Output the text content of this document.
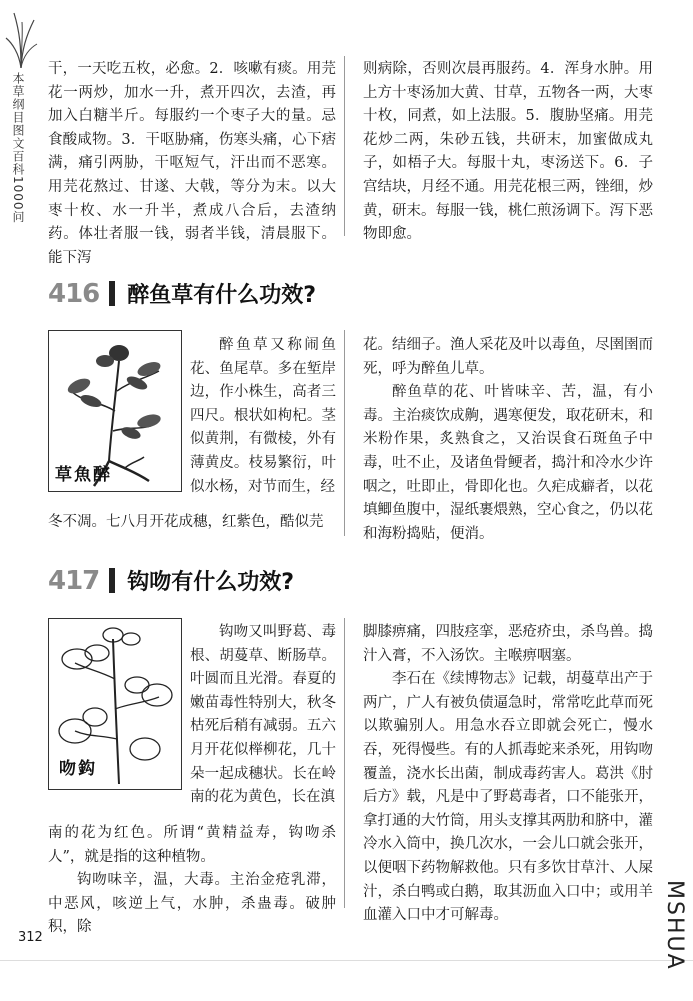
本草纲目图文百科1000问
干，一天吃五枚，必愈。2．咳嗽有痰。用芫花一两炒，加水一升，煮开四次，去渣，再加入白糖半斤。每服约一个枣子大的量。忌食酸咸物。3．干呕胁痛，伤寒头痛，心下痞满，痛引两胁，干呕短气，汗出而不恶寒。用芫花熬过、甘遂、大戟，等分为末。以大枣十枚、水一升半，煮成八合后，去渣纳药。体壮者服一钱，弱者半钱，清晨服下。能下泻
则病除，否则次晨再服药。4．浑身水肿。用上方十枣汤加大黄、甘草，五物各一两，大枣十枚，同煮，如上法服。5．腹胁坚痛。用芫花炒二两，朱砂五钱，共研末，加蜜做成丸子，如梧子大。每服十丸，枣汤送下。6．子宫结块，月经不通。用芫花根三两，锉细，炒黄，研末。每服一钱，桃仁煎汤调下。泻下恶物即愈。
416 醉鱼草有什么功效?
草魚醉
醉鱼草又称闹鱼花、鱼尾草。多在堑岸边，作小株生，高者三四尺。根状如枸杞。茎似黄荆，有微棱，外有薄黄皮。枝易繁衍，叶似水杨，对节而生，经
冬不凋。七八月开花成穗，红紫色，酷似芫

花。结细子。渔人采花及叶以毒鱼，尽圉圉而死，呼为醉鱼儿草。

醉鱼草的花、叶皆味辛、苦，温，有小毒。主治痰饮成齁，遇寒便发，取花研末，和米粉作果，炙熟食之，又治误食石斑鱼子中毒，吐不止，及诸鱼骨鲠者，捣汁和冷水少许咽之，吐即止，骨即化也。久疟成癖者，以花填鲫鱼腹中，湿纸裹煨熟，空心食之，仍以花和海粉捣贴，便消。

417 钩吻有什么功效?
吻鈎
钩吻又叫野葛、毒根、胡蔓草、断肠草。叶圆而且光滑。春夏的嫩苗毒性特别大，秋冬枯死后稍有减弱。五六月开花似榉柳花，几十朵一起成穗状。长在岭南的花为黄色，长在滇

南的花为红色。所谓“黄精益寿，钩吻杀人”，就是指的这种植物。

钩吻味辛，温，大毒。主治金疮乳滞，中恶风，咳逆上气，水肿，杀蛊毒。破肿积，除

脚膝痹痛，四肢痉挛，恶疮疥虫，杀鸟兽。捣汁入膏，不入汤饮。主喉痹咽塞。

李石在《续博物志》记载，胡蔓草出产于两广，广人有被负债逼急时，常常吃此草而死以欺骗别人。用急水吞立即就会死亡，慢水吞，死得慢些。有的人抓毒蛇来杀死，用钩吻覆盖，浇水长出菌，制成毒药害人。葛洪《肘后方》载，凡是中了野葛毒者，口不能张开，拿打通的大竹筒，用头支撑其两肋和脐中，灌冷水入筒中，换几次水，一会儿口就会张开，以便咽下药物解救他。只有多饮甘草汁、人屎汁，杀白鸭或白鹅，取其沥血入口中；或用羊血灌入口中才可解毒。

312	MSHUA
